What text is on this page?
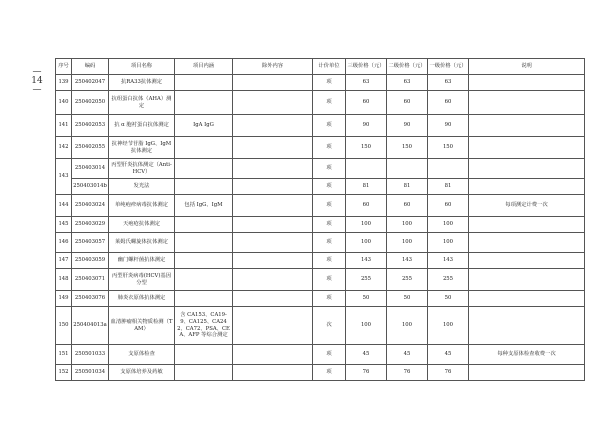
—
14
—
序号	编码	项目名称	项目内涵	除外内容	计价单位	三级价格（元）	二级价格（元）	一级价格（元）	说明
139	250402047	抗RA33抗体测定			项	63	63	63	
140	250402050	抗组蛋白抗体（AHA）测定			项	60	60	60	
141	250402053	抗 α 胞衬蛋白抗体测定	IgA IgG		项	90	90	90	
142	250402055	抗神经节苷脂 IgG、IgM抗体测定			项	150	150	150	
143	250403014	丙型肝炎抗体测定（Anti-HCV）			项				
	250403014b	发光法			项	81	81	81	
144	250403024	单纯疱疹病毒抗体测定	包括 IgG、IgM		项	60	60	60	每项测定计费一次
145	250403029	天疱疮抗体测定			项	100	100	100	
146	250403057	莱姆氏螺旋体抗体测定			项	100	100	100	
147	250403059	幽门螺杆菌抗体测定			项	143	143	143	
148	250403071	丙型肝炎病毒(HCV)基因分型			项	255	255	255	
149	250403076	肺炎衣原体抗体测定			项	50	50	50	
150	250404013a	血清肿瘤相关物质检测（TAM）	含 CA153、CA19-9、CA125、CA242、CA72、PSA、CEA、AFP 等综合测定		次	100	100	100	
151	250501033	支原体检查			项	45	45	45	每种支原体检查收费一次
152	250501034	支原体培养及药敏			项	76	76	76	
